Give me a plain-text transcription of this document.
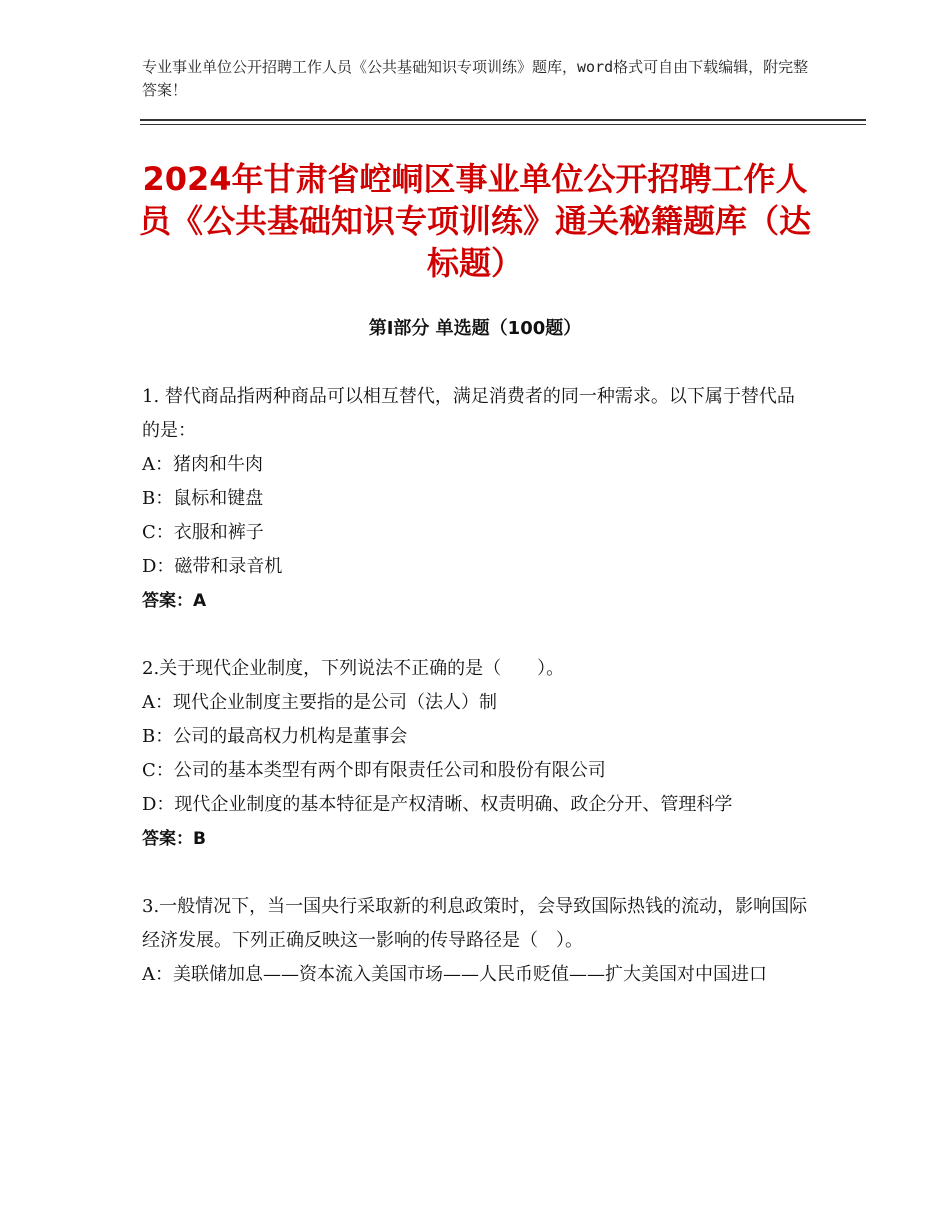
专业事业单位公开招聘工作人员《公共基础知识专项训练》题库，word格式可自由下载编辑，附完整答案！
2024年甘肃省崆峒区事业单位公开招聘工作人员《公共基础知识专项训练》通关秘籍题库（达标题）
第Ⅰ部分 单选题（100题）

1. 替代商品指两种商品可以相互替代，满足消费者的同一种需求。以下属于替代品的是：

A：猪肉和牛肉

B：鼠标和键盘

C：衣服和裤子

D：磁带和录音机

答案：A

2.关于现代企业制度，下列说法不正确的是（　　）。

A：现代企业制度主要指的是公司（法人）制

B：公司的最高权力机构是董事会

C：公司的基本类型有两个即有限责任公司和股份有限公司

D：现代企业制度的基本特征是产权清晰、权责明确、政企分开、管理科学

答案：B

3.一般情况下，当一国央行采取新的利息政策时，会导致国际热钱的流动，影响国际经济发展。下列正确反映这一影响的传导路径是（　）。

A：美联储加息——资本流入美国市场——人民币贬值——扩大美国对中国进口
